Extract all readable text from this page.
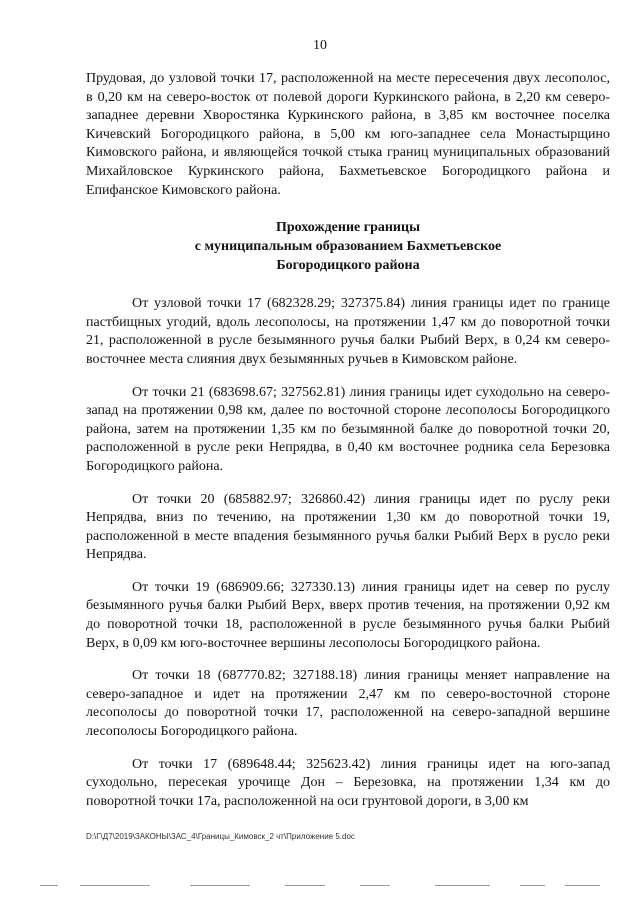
10

Прудовая, до узловой точки 17, расположенной на месте пересечения двух лесополос, в 0,20 км на северо-восток от полевой дороги Куркинского района, в 2,20 км северо-западнее деревни Хворостянка Куркинского района, в 3,85 км восточнее поселка Кичевский Богородицкого района, в 5,00 км юго-западнее села Монастырщино Кимовского района, и являющейся точкой стыка границ муниципальных образований Михайловское Куркинского района, Бахметьевское Богородицкого района и Епифанское Кимовского района.

Прохождение границы
с муниципальным образованием Бахметьевское
Богородицкого района

От узловой точки 17 (682328.29; 327375.84) линия границы идет по границе пастбищных угодий, вдоль лесополосы, на протяжении 1,47 км до поворотной точки 21, расположенной в русле безымянного ручья балки Рыбий Верх, в 0,24 км северо-восточнее места слияния двух безымянных ручьев в Кимовском районе.

От точки 21 (683698.67; 327562.81) линия границы идет суходольно на северо-запад на протяжении 0,98 км, далее по восточной стороне лесополосы Богородицкого района, затем на протяжении 1,35 км по безымянной балке до поворотной точки 20, расположенной в русле реки Непрядва, в 0,40 км восточнее родника села Березовка Богородицкого района.

От точки 20 (685882.97; 326860.42) линия границы идет по руслу реки Непрядва, вниз по течению, на протяжении 1,30 км до поворотной точки 19, расположенной в месте впадения безымянного ручья балки Рыбий Верх в русло реки Непрядва.

От точки 19 (686909.66; 327330.13) линия границы идет на север по руслу безымянного ручья балки Рыбий Верх, вверх против течения, на протяжении 0,92 км до поворотной точки 18, расположенной в русле безымянного ручья балки Рыбий Верх, в 0,09 км юго-восточнее вершины лесополосы Богородицкого района.

От точки 18 (687770.82; 327188.18) линия границы меняет направление на северо-западное и идет на протяжении 2,47 км по северо-восточной стороне лесополосы до поворотной точки 17, расположенной на северо-западной вершине лесополосы Богородицкого района.

От точки 17 (689648.44; 325623.42) линия границы идет на юго-запад суходольно, пересекая урочище Дон – Березовка, на протяжении 1,34 км до поворотной точки 17а, расположенной на оси грунтовой дороги, в 3,00 км

D:\Г\Д7\2019\ЗАКОНЫ\ЗАС_4\Границы_Кимовск_2 чт\Приложение 5.doc
